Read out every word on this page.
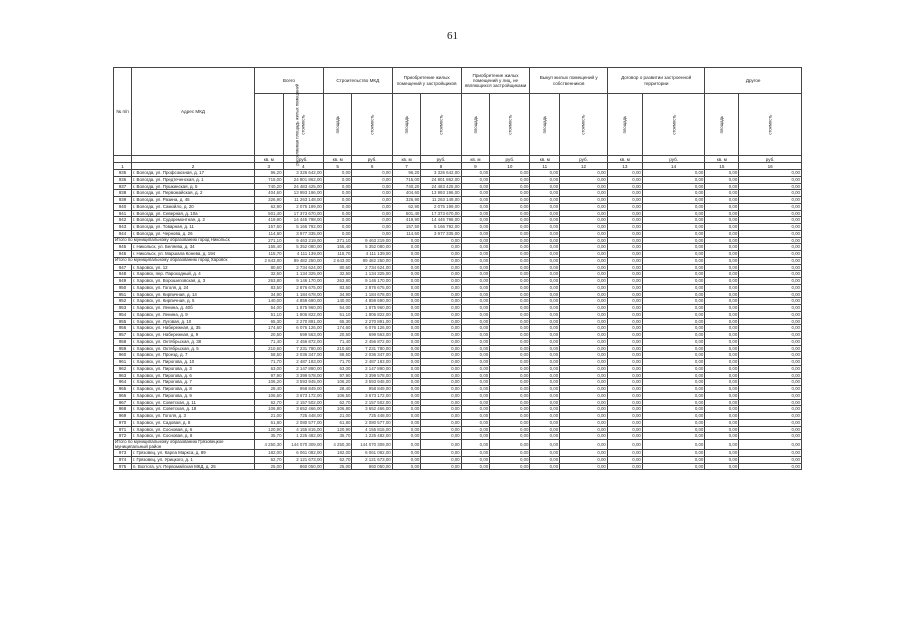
61
№ п/п	Адрес МКД	Всего		Строительство МКД		Приобретение жилых помещений у застройщиков		Приобретение жилых помещений у лиц, не являющихся застройщиками		Выкуп жилых помещений у собственников		Договор о развитии застроенной территории		Другое	
		расселяемая площадь жилых помещений	стоимость	площадь	стоимость	площадь	стоимость	площадь	стоимость	площадь	стоимость	площадь	стоимость	площадь	стоимость
		кв. м	руб.	кв. м	руб.	кв. м	руб.	кв. м	руб.	кв. м	руб.	кв. м	руб.	кв. м	руб.
1	2	3	4	5	6	7	8	9	10	11	12	13	14	15	16
935	г. Вологда, ул. Профсоюзная, д. 17	96,20	3 326 642,00	0,00	0,00	96,20	3 326 642,00	0,00	0,00	0,00	0,00	0,00	0,00	0,00	0,00
936	г. Вологда, ул. Предтеченская, д. 1	715,00	24 801 862,00	0,00	0,00	715,00	24 801 862,00	0,00	0,00	0,00	0,00	0,00	0,00	0,00	0,00
937	г. Вологда, ул. Пушкинская, д. 5	740,20	24 483 425,00	0,00	0,00	740,20	24 483 425,00	0,00	0,00	0,00	0,00	0,00	0,00	0,00	0,00
938	г. Вологда, ул. Первомайская, д. 2	404,60	13 993 196,00	0,00	0,00	404,60	13 993 196,00	0,00	0,00	0,00	0,00	0,00	0,00	0,00	0,00
939	г. Вологда, ул. Разина, д. 45	326,90	11 263 148,00	0,00	0,00	326,90	11 263 148,00	0,00	0,00	0,00	0,00	0,00	0,00	0,00	0,00
940	г. Вологда, ул. Самойло, д. 20	62,90	2 075 199,00	0,00	0,00	62,90	2 075 199,00	0,00	0,00	0,00	0,00	0,00	0,00	0,00	0,00
941	г. Вологда, ул. Северная, д. 10а	501,40	17 373 670,00	0,00	0,00	501,40	17 373 670,00	0,00	0,00	0,00	0,00	0,00	0,00	0,00	0,00
942	г. Вологда, ул. Судоремонтная, д. 2	419,90	14 445 798,00	0,00	0,00	419,90	14 445 798,00	0,00	0,00	0,00	0,00	0,00	0,00	0,00	0,00
943	г. Вологда, ул. Товарная, д. 11	157,50	5 166 792,00	0,00	0,00	157,50	5 166 792,00	0,00	0,00	0,00	0,00	0,00	0,00	0,00	0,00
944	г. Вологда, ул. Чернова, д. 26	114,50	3 977 335,00	0,00	0,00	114,50	3 977 335,00	0,00	0,00	0,00	0,00	0,00	0,00	0,00	0,00
Итого по муниципальному образованию город Никольск		271,10	9 463 219,00	271,10	9 463 219,00	0,00	0,00	0,00	0,00	0,00	0,00	0,00	0,00	0,00	0,00
945	г. Никольск, ул. Беляева, д. 34	155,40	5 352 080,00	155,40	5 352 080,00	0,00	0,00	0,00	0,00	0,00	0,00	0,00	0,00	0,00	0,00
946	г. Никольск, ул. Маршала Конева, д. 194	115,70	4 111 139,00	115,70	4 111 139,00	0,00	0,00	0,00	0,00	0,00	0,00	0,00	0,00	0,00	0,00
Итого по муниципальному образованию город Харовск		2 643,00	89 482 250,00	2 643,00	89 482 250,00	0,00	0,00	0,00	0,00	0,00	0,00	0,00	0,00	0,00	0,00
947	г. Харовск, ул. 12	80,60	2 734 624,00	80,60	2 734 624,00	0,00	0,00	0,00	0,00	0,00	0,00	0,00	0,00	0,00	0,00
948	г. Харовск, пер. Пароходный, д. 4	32,50	1 134 325,00	32,50	1 134 325,00	0,00	0,00	0,00	0,00	0,00	0,00	0,00	0,00	0,00	0,00
949	г. Харовск, ул. Ворошиловская, д. 3	263,80	9 146 170,00	263,80	9 146 170,00	0,00	0,00	0,00	0,00	0,00	0,00	0,00	0,00	0,00	0,00
950	г. Харовск, ул. Гоголя, д. 24	83,50	2 876 675,00	83,50	2 876 675,00	0,00	0,00	0,00	0,00	0,00	0,00	0,00	0,00	0,00	0,00
951	г. Харовск, ул. Кирпичная, д. 14	34,90	1 184 678,00	34,90	1 184 678,00	0,00	0,00	0,00	0,00	0,00	0,00	0,00	0,00	0,00	0,00
952	г. Харовск, ул. Кирпичная, д. 5	140,00	4 859 690,00	140,00	4 859 690,00	0,00	0,00	0,00	0,00	0,00	0,00	0,00	0,00	0,00	0,00
953	г. Харовск, ул. Ленина, д. 40б	54,00	1 875 960,00	54,00	1 875 960,00	0,00	0,00	0,00	0,00	0,00	0,00	0,00	0,00	0,00	0,00
954	г. Харовск, ул. Ленина, д. 9	51,10	1 806 822,00	51,10	1 806 822,00	0,00	0,00	0,00	0,00	0,00	0,00	0,00	0,00	0,00	0,00
955	г. Харовск, ул. Луговая, д. 10	65,30	2 270 891,00	65,30	2 270 891,00	0,00	0,00	0,00	0,00	0,00	0,00	0,00	0,00	0,00	0,00
956	г. Харовск, ул. Набережная, д. 35	174,60	6 076 126,00	174,60	6 076 126,00	0,00	0,00	0,00	0,00	0,00	0,00	0,00	0,00	0,00	0,00
957	г. Харовск, ул. Набережная, д. 9	20,50	699 563,00	20,50	699 563,00	0,00	0,00	0,00	0,00	0,00	0,00	0,00	0,00	0,00	0,00
958	г. Харовск, ул. Октябрьская, д. 38	71,40	2 456 872,00	71,40	2 456 872,00	0,00	0,00	0,00	0,00	0,00	0,00	0,00	0,00	0,00	0,00
959	г. Харовск, ул. Октябрьская, д. 5	210,60	7 231 780,00	210,60	7 231 780,00	0,00	0,00	0,00	0,00	0,00	0,00	0,00	0,00	0,00	0,00
960	г. Харовск, ул. Проезд, д. 7	58,50	2 036 347,00	58,50	2 036 347,00	0,00	0,00	0,00	0,00	0,00	0,00	0,00	0,00	0,00	0,00
961	г. Харовск, ул. Пирогова, д. 10	71,70	2 487 183,00	71,70	2 487 183,00	0,00	0,00	0,00	0,00	0,00	0,00	0,00	0,00	0,00	0,00
962	г. Харовск, ул. Пирогова, д. 3	63,00	2 147 890,00	63,00	2 147 890,00	0,00	0,00	0,00	0,00	0,00	0,00	0,00	0,00	0,00	0,00
963	г. Харовск, ул. Пирогова, д. 6	97,90	3 399 578,00	97,90	3 399 578,00	0,00	0,00	0,00	0,00	0,00	0,00	0,00	0,00	0,00	0,00
964	г. Харовск, ул. Пирогова, д. 7	106,20	3 593 945,00	106,20	3 593 945,00	0,00	0,00	0,00	0,00	0,00	0,00	0,00	0,00	0,00	0,00
965	г. Харовск, ул. Пирогова, д. 8	28,40	958 849,00	28,40	958 849,00	0,00	0,00	0,00	0,00	0,00	0,00	0,00	0,00	0,00	0,00
966	г. Харовск, ул. Пирогова, д. 9	106,50	3 673 172,00	106,50	3 673 172,00	0,00	0,00	0,00	0,00	0,00	0,00	0,00	0,00	0,00	0,00
967	г. Харовск, ул. Советская, д. 11	62,70	2 157 502,00	62,70	2 157 502,00	0,00	0,00	0,00	0,00	0,00	0,00	0,00	0,00	0,00	0,00
968	г. Харовск, ул. Советская, д. 18	106,80	3 652 466,00	106,80	3 652 466,00	0,00	0,00	0,00	0,00	0,00	0,00	0,00	0,00	0,00	0,00
969	г. Харовск, ул. Гоголя, д. 3	21,00	725 448,00	21,00	725 448,00	0,00	0,00	0,00	0,00	0,00	0,00	0,00	0,00	0,00	0,00
970	г. Харовск, ул. Садовая, д. 8	61,80	2 080 577,00	61,80	2 080 577,00	0,00	0,00	0,00	0,00	0,00	0,00	0,00	0,00	0,00	0,00
971	г. Харовск, ул. Сосновая, д. 6	120,90	4 155 815,00	120,90	4 155 815,00	0,00	0,00	0,00	0,00	0,00	0,00	0,00	0,00	0,00	0,00
972	г. Харовск, ул. Сосновая, д. 8	35,70	1 225 482,00	35,70	1 225 482,00	0,00	0,00	0,00	0,00	0,00	0,00	0,00	0,00	0,00	0,00
Итого по муниципальному образованию Грязовецкое муниципальный район		4 250,30	144 070 309,00	4 250,30	144 070 309,00	0,00	0,00	0,00	0,00	0,00	0,00	0,00	0,00	0,00	0,00
973	г. Грязовец, ул. Карла Маркса, д. 89	182,00	6 061 082,00	182,00	6 061 082,00	0,00	0,00	0,00	0,00	0,00	0,00	0,00	0,00	0,00	0,00
974	г. Грязовец, ул. Урицкого, д. 1	62,70	2 121 673,00	62,70	2 121 673,00	0,00	0,00	0,00	0,00	0,00	0,00	0,00	0,00	0,00	0,00
975	п. Вохтога, ул. Первомайская МКД, д. 25	25,00	860 050,00	25,00	860 050,00	0,00	0,00	0,00	0,00	0,00	0,00	0,00	0,00	0,00	0,00
